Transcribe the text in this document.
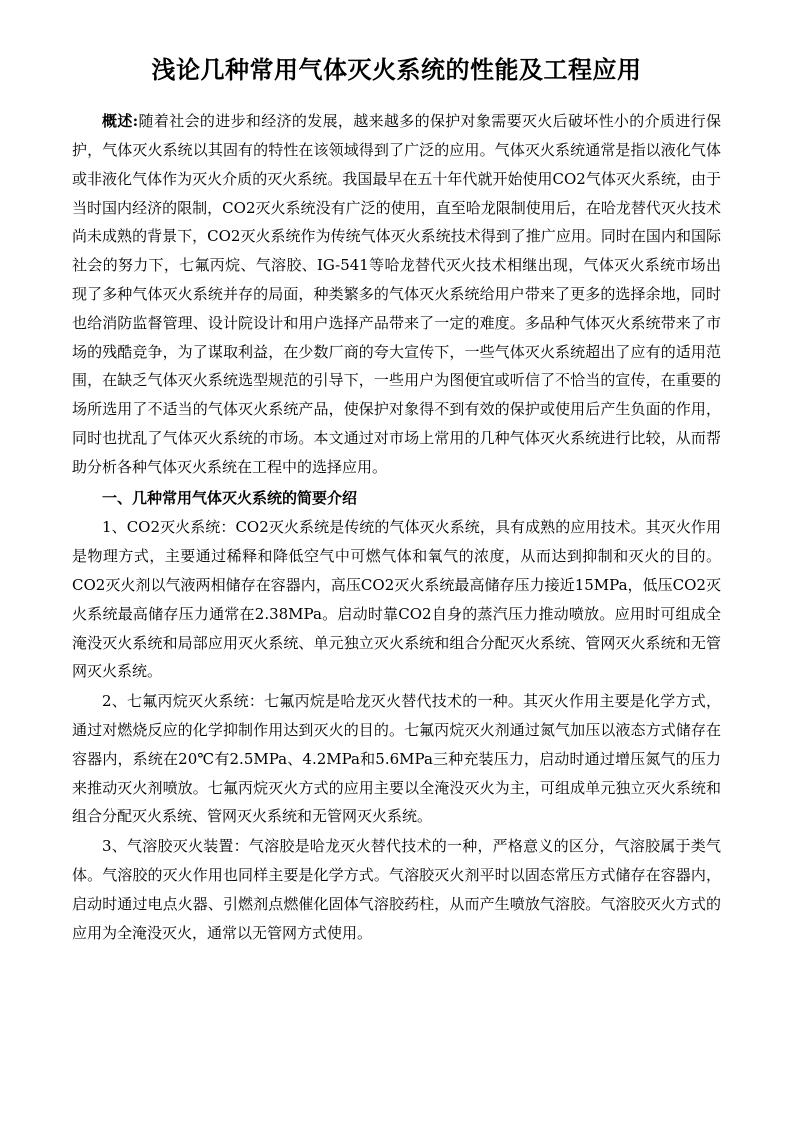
浅论几种常用气体灭火系统的性能及工程应用

概述:随着社会的进步和经济的发展，越来越多的保护对象需要灭火后破坏性小的介质进行保护，气体灭火系统以其固有的特性在该领域得到了广泛的应用。气体灭火系统通常是指以液化气体或非液化气体作为灭火介质的灭火系统。我国最早在五十年代就开始使用CO2气体灭火系统，由于当时国内经济的限制，CO2灭火系统没有广泛的使用，直至哈龙限制使用后，在哈龙替代灭火技术尚未成熟的背景下，CO2灭火系统作为传统气体灭火系统技术得到了推广应用。同时在国内和国际社会的努力下，七氟丙烷、气溶胶、IG-541等哈龙替代灭火技术相继出现，气体灭火系统市场出现了多种气体灭火系统并存的局面，种类繁多的气体灭火系统给用户带来了更多的选择余地，同时也给消防监督管理、设计院设计和用户选择产品带来了一定的难度。多品种气体灭火系统带来了市场的残酷竞争，为了谋取利益，在少数厂商的夸大宣传下，一些气体灭火系统超出了应有的适用范围，在缺乏气体灭火系统选型规范的引导下，一些用户为图便宜或听信了不恰当的宣传，在重要的场所选用了不适当的气体灭火系统产品，使保护对象得不到有效的保护或使用后产生负面的作用，同时也扰乱了气体灭火系统的市场。本文通过对市场上常用的几种气体灭火系统进行比较，从而帮助分析各种气体灭火系统在工程中的选择应用。

一、几种常用气体灭火系统的简要介绍

1、CO2灭火系统：CO2灭火系统是传统的气体灭火系统，具有成熟的应用技术。其灭火作用是物理方式，主要通过稀释和降低空气中可燃气体和氧气的浓度，从而达到抑制和灭火的目的。CO2灭火剂以气液两相储存在容器内，高压CO2灭火系统最高储存压力接近15MPa，低压CO2灭火系统最高储存压力通常在2.38MPa。启动时靠CO2自身的蒸汽压力推动喷放。应用时可组成全淹没灭火系统和局部应用灭火系统、单元独立灭火系统和组合分配灭火系统、管网灭火系统和无管网灭火系统。

2、七氟丙烷灭火系统：七氟丙烷是哈龙灭火替代技术的一种。其灭火作用主要是化学方式，通过对燃烧反应的化学抑制作用达到灭火的目的。七氟丙烷灭火剂通过氮气加压以液态方式储存在容器内，系统在20℃有2.5MPa、4.2MPa和5.6MPa三种充装压力，启动时通过增压氮气的压力来推动灭火剂喷放。七氟丙烷灭火方式的应用主要以全淹没灭火为主，可组成单元独立灭火系统和组合分配灭火系统、管网灭火系统和无管网灭火系统。

3、气溶胶灭火装置：气溶胶是哈龙灭火替代技术的一种，严格意义的区分，气溶胶属于类气体。气溶胶的灭火作用也同样主要是化学方式。气溶胶灭火剂平时以固态常压方式储存在容器内，启动时通过电点火器、引燃剂点燃催化固体气溶胶药柱，从而产生喷放气溶胶。气溶胶灭火方式的应用为全淹没灭火，通常以无管网方式使用。
